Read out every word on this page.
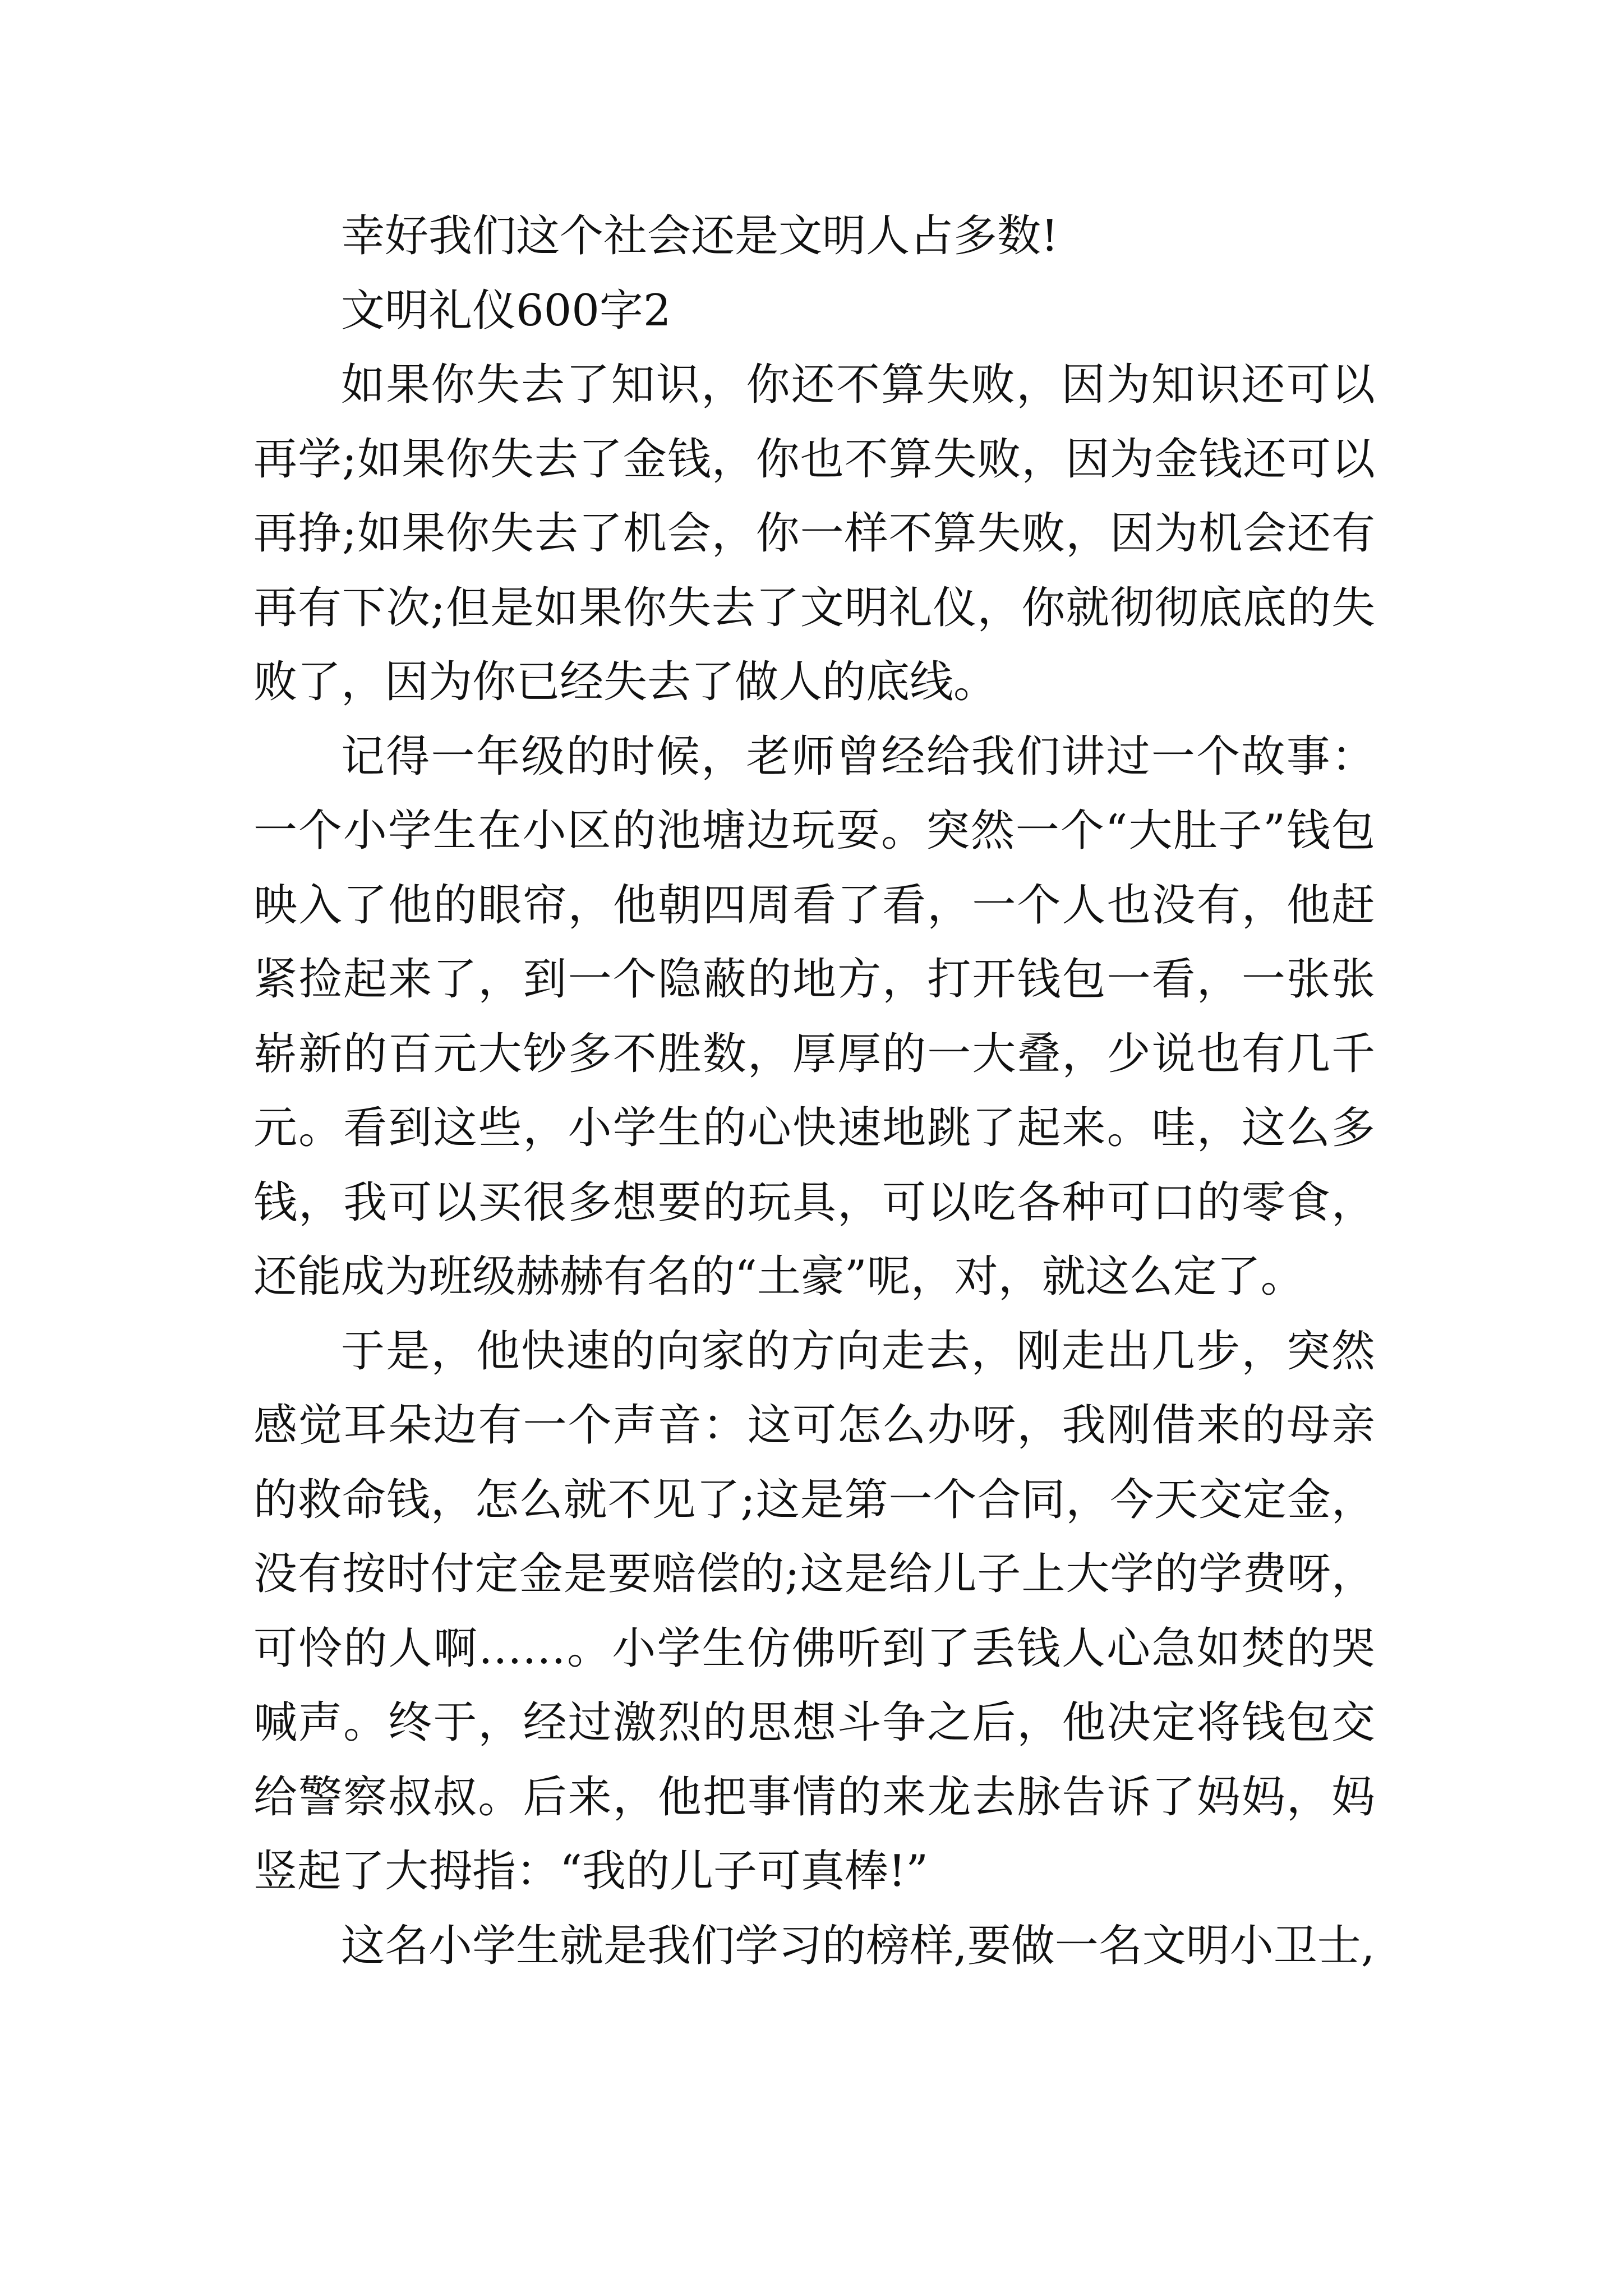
幸好我们这个社会还是文明人占多数!

文明礼仪600字2

如果你失去了知识，你还不算失败，因为知识还可以再学;如果你失去了金钱，你也不算失败，因为金钱还可以再挣;如果你失去了机会，你一样不算失败，因为机会还有再有下次;但是如果你失去了文明礼仪，你就彻彻底底的失败了，因为你已经失去了做人的底线。

记得一年级的时候，老师曾经给我们讲过一个故事：一个小学生在小区的池塘边玩耍。突然一个“大肚子”钱包映入了他的眼帘，他朝四周看了看，一个人也没有，他赶紧捡起来了，到一个隐蔽的地方，打开钱包一看，一张张崭新的百元大钞多不胜数，厚厚的一大叠，少说也有几千元。看到这些，小学生的心快速地跳了起来。哇，这么多钱，我可以买很多想要的玩具，可以吃各种可口的零食，还能成为班级赫赫有名的“土豪”呢，对，就这么定了。

于是，他快速的向家的方向走去，刚走出几步，突然感觉耳朵边有一个声音：这可怎么办呀，我刚借来的母亲的救命钱，怎么就不见了;这是第一个合同，今天交定金，没有按时付定金是要赔偿的;这是给儿子上大学的学费呀，可怜的人啊……。小学生仿佛听到了丢钱人心急如焚的哭喊声。终于，经过激烈的思想斗争之后，他决定将钱包交给警察叔叔。后来，他把事情的来龙去脉告诉了妈妈，妈竖起了大拇指：“我的儿子可真棒!”

这名小学生就是我们学习的榜样,要做一名文明小卫士,
